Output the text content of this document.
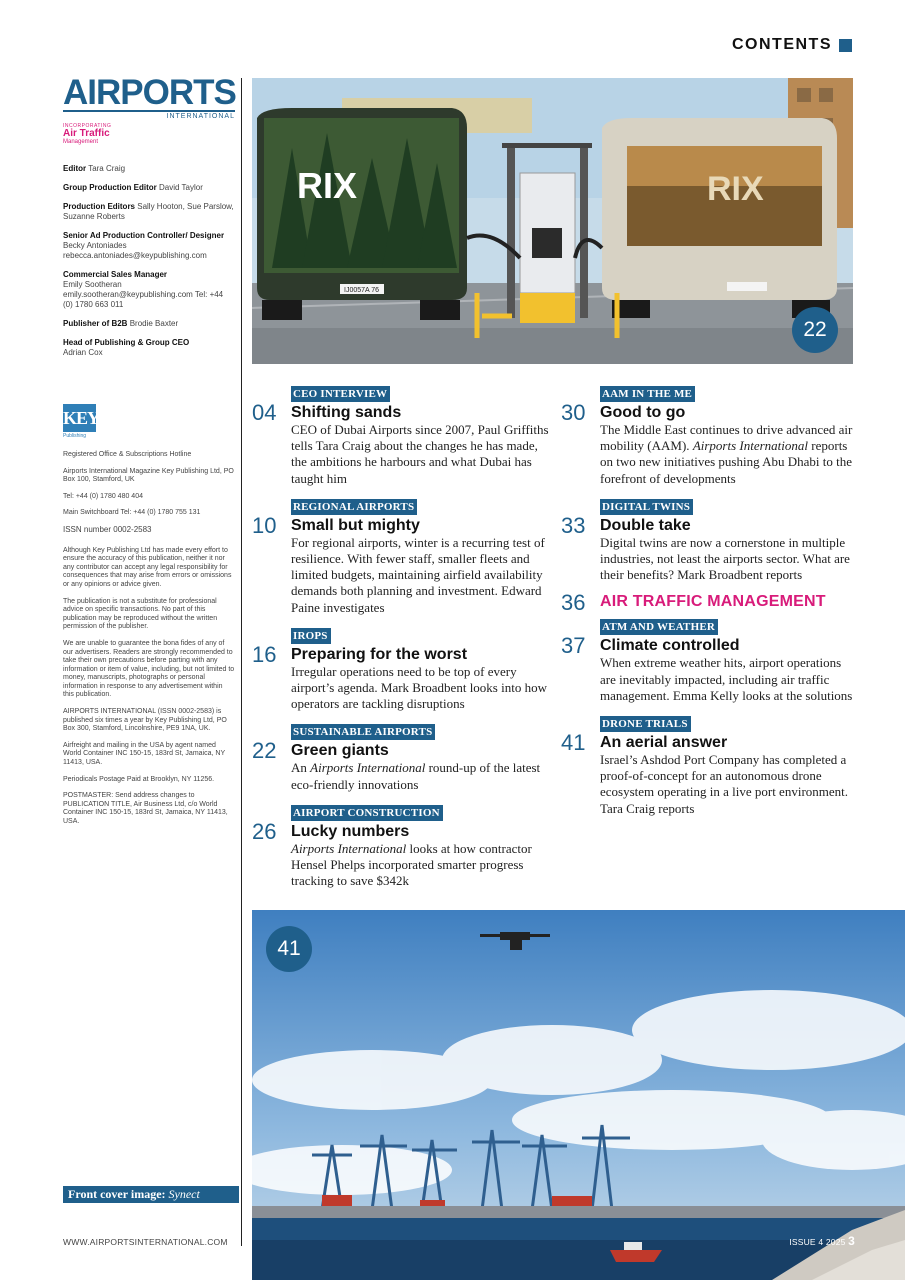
CONTENTS
AIRPORTS
INTERNATIONAL
INCORPORATING
Air Traffic
Management
Editor Tara Craig
Group Production Editor David Taylor
Production Editors Sally Hooton, Sue Parslow, Suzanne Roberts
Senior Ad Production Controller/ Designer Becky Antoniades rebecca.antoniades@keypublishing.com
Commercial Sales Manager
Emily Sootheran emily.sootheran@keypublishing.com Tel: +44 (0) 1780 663 011
Publisher of B2B Brodie Baxter
Head of Publishing & Group CEO
Adrian Cox
KEY
Publishing
Registered Office & Subscriptions Hotline
Airports International Magazine Key Publishing Ltd, PO Box 100, Stamford, UK
Tel: +44 (0) 1780 480 404
Main Switchboard Tel: +44 (0) 1780 755 131
ISSN number 0002-2583
Although Key Publishing Ltd has made every effort to ensure the accuracy of this publication, neither it nor any contributor can accept any legal responsibility for consequences that may arise from errors or omissions or any opinions or advice given.
The publication is not a substitute for professional advice on specific transactions. No part of this publication may be reproduced without the written permission of the publisher.
We are unable to guarantee the bona fides of any of our advertisers. Readers are strongly recommended to take their own precautions before parting with any information or item of value, including, but not limited to money, manuscripts, photographs or personal information in response to any advertisement within this publication.
AIRPORTS INTERNATIONAL (ISSN 0002-2583) is published six times a year by Key Publishing Ltd, PO Box 300, Stamford, Lincolnshire, PE9 1NA, UK.
Airfreight and mailing in the USA by agent named World Container INC 150-15, 183rd St, Jamaica, NY 11413, USA.
Periodicals Postage Paid at Brooklyn, NY 11256.
POSTMASTER: Send address changes to PUBLICATION TITLE, Air Business Ltd, c/o World Container INC 150-15, 183rd St, Jamaica, NY 11413, USA.
Front cover image: Synect
WWW.AIRPORTSINTERNATIONAL.COM
RIX
IJ0057A 76
RIX
22
04
CEO INTERVIEW
Shifting sands
CEO of Dubai Airports since 2007, Paul Griffiths tells Tara Craig about the changes he has made, the ambitions he harbours and what Dubai has taught him
10
REGIONAL AIRPORTS
Small but mighty
For regional airports, winter is a recurring test of resilience. With fewer staff, smaller fleets and limited budgets, maintaining airfield availability demands both planning and investment. Edward Paine investigates
16
IROPS
Preparing for the worst
Irregular operations need to be top of every airport’s agenda. Mark Broadbent looks into how operators are tackling disruptions
22
SUSTAINABLE AIRPORTS
Green giants
An Airports International round-up of the latest eco-friendly innovations
26
AIRPORT CONSTRUCTION
Lucky numbers
Airports International looks at how contractor Hensel Phelps incorporated smarter progress tracking to save $342k
30
AAM IN THE ME
Good to go
The Middle East continues to drive advanced air mobility (AAM). Airports International reports on two new initiatives pushing Abu Dhabi to the forefront of developments
33
DIGITAL TWINS
Double take
Digital twins are now a cornerstone in multiple industries, not least the airports sector. What are their benefits? Mark Broadbent reports
36 AIR TRAFFIC MANAGEMENT
37
ATM AND WEATHER
Climate controlled
When extreme weather hits, airport operations are inevitably impacted, including air traffic management. Emma Kelly looks at the solutions
41
DRONE TRIALS
An aerial answer
Israel’s Ashdod Port Company has completed a proof-of-concept for an autonomous drone ecosystem operating in a live port environment. Tara Craig reports
41
ISSUE 4 2025 3
